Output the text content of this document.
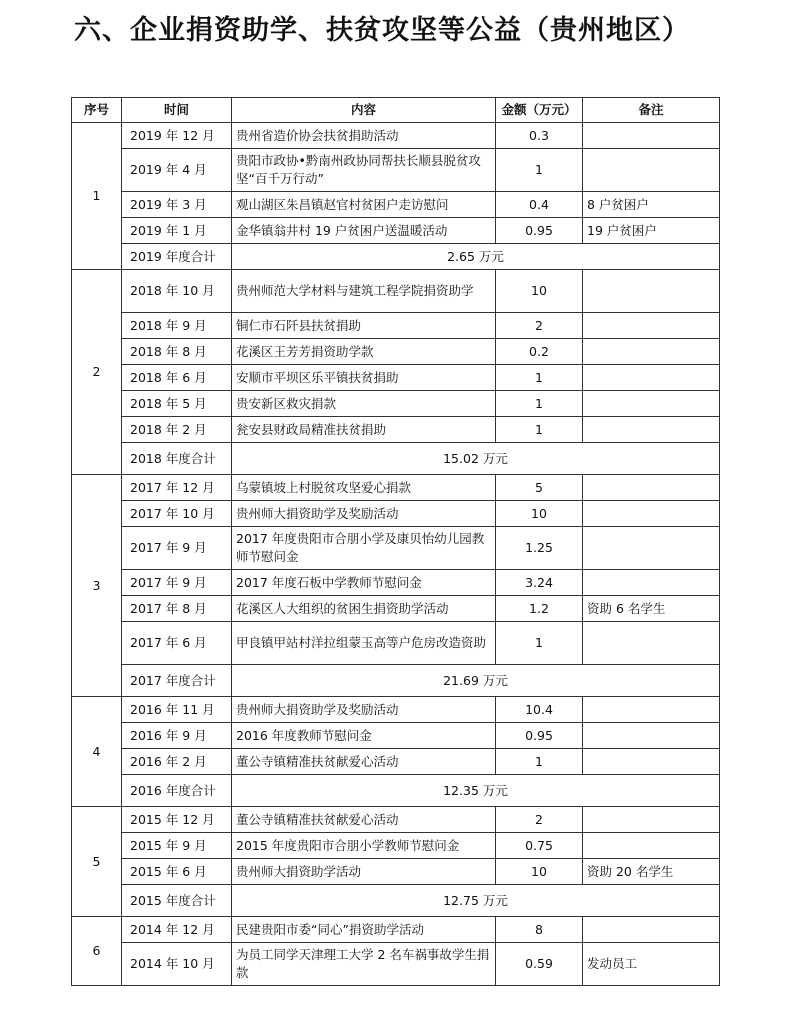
六、企业捐资助学、扶贫攻坚等公益（贵州地区）
序号	时间	内容	金额（万元）	备注
1	2019 年 12 月	贵州省造价协会扶贫捐助活动	0.3	
	2019 年 4 月	贵阳市政协•黔南州政协同帮扶长顺县脱贫攻坚“百千万行动”	1	
	2019 年 3 月	观山湖区朱昌镇赵官村贫困户走访慰问	0.4	8 户贫困户
	2019 年 1 月	金华镇翁井村 19 户贫困户送温暖活动	0.95	19 户贫困户
	2019 年度合计	2.65 万元		
2	2018 年 10 月	贵州师范大学材料与建筑工程学院捐资助学	10	
	2018 年 9 月	铜仁市石阡县扶贫捐助	2	
	2018 年 8 月	花溪区王芳芳捐资助学款	0.2	
	2018 年 6 月	安顺市平坝区乐平镇扶贫捐助	1	
	2018 年 5 月	贵安新区救灾捐款	1	
	2018 年 2 月	瓮安县财政局精准扶贫捐助	1	
	2018 年度合计	15.02 万元		
3	2017 年 12 月	乌蒙镇坡上村脱贫攻坚爱心捐款	5	
	2017 年 10 月	贵州师大捐资助学及奖励活动	10	
	2017 年 9 月	2017 年度贵阳市合朋小学及康贝怡幼儿园教师节慰问金	1.25	
	2017 年 9 月	2017 年度石板中学教师节慰问金	3.24	
	2017 年 8 月	花溪区人大组织的贫困生捐资助学活动	1.2	资助 6 名学生
	2017 年 6 月	甲良镇甲站村洋拉组蒙玉高等户危房改造资助	1	
	2017 年度合计	21.69 万元		
4	2016 年 11 月	贵州师大捐资助学及奖励活动	10.4	
	2016 年 9 月	2016 年度教师节慰问金	0.95	
	2016 年 2 月	董公寺镇精准扶贫献爱心活动	1	
	2016 年度合计	12.35 万元		
5	2015 年 12 月	董公寺镇精准扶贫献爱心活动	2	
	2015 年 9 月	2015 年度贵阳市合朋小学教师节慰问金	0.75	
	2015 年 6 月	贵州师大捐资助学活动	10	资助 20 名学生
	2015 年度合计	12.75 万元		
6	2014 年 12 月	民建贵阳市委“同心”捐资助学活动	8	
	2014 年 10 月	为员工同学天津理工大学 2 名车祸事故学生捐款	0.59	发动员工
